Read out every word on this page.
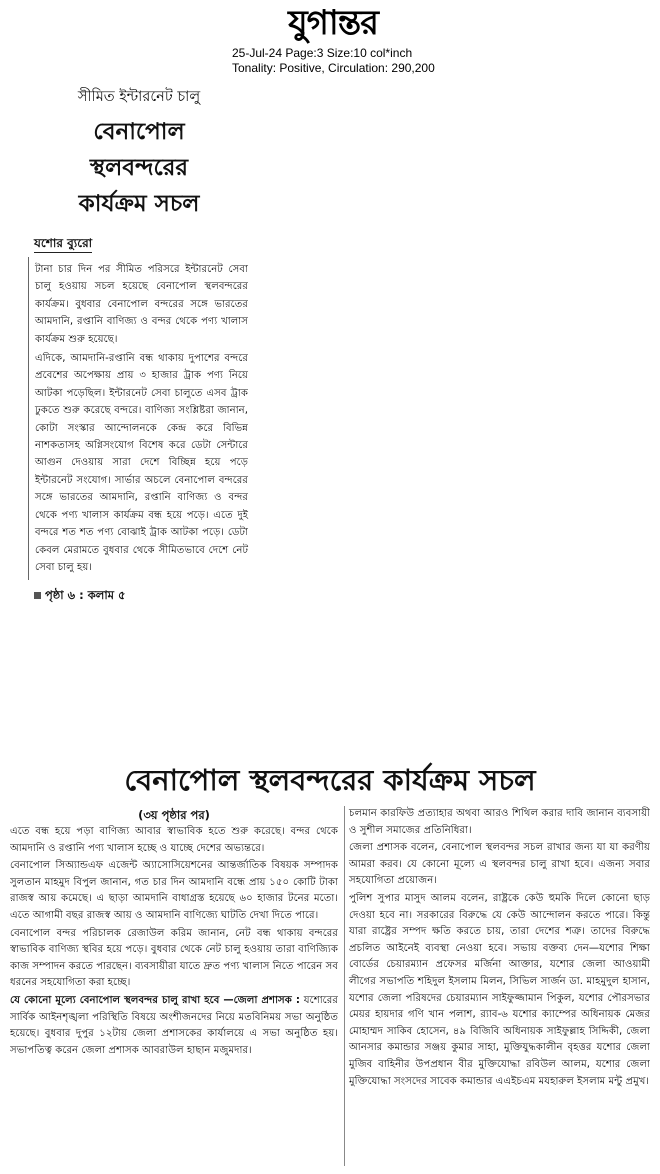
যুগান্তর
25-Jul-24 Page:3 Size:10 col*inch
Tonality: Positive, Circulation: 290,200
সীমিত ইন্টারনেট চালু
বেনাপোল
স্থলবন্দরের
কার্যক্রম সচল
যশোর ব্যুরো

টানা চার দিন পর সীমিত পরিসরে ইন্টারনেট সেবা চালু হওয়ায় সচল হয়েছে বেনাপোল স্থলবন্দরের কার্যক্রম। বুধবার বেনাপোল বন্দরের সঙ্গে ভারতের আমদানি, রপ্তানি বাণিজ্য ও বন্দর থেকে পণ্য খালাস কার্যক্রম শুরু হয়েছে।

এদিকে, আমদানি-রপ্তানি বন্ধ থাকায় দুপাশের বন্দরে প্রবেশের অপেক্ষায় প্রায় ৩ হাজার ট্রাক পণ্য নিয়ে আটকা পড়েছিল। ইন্টারনেট সেবা চালুতে এসব ট্রাক ঢুকতে শুরু করেছে বন্দরে। বাণিজ্য সংশ্লিষ্টরা জানান, কোটা সংস্কার আন্দোলনকে কেন্দ্র করে বিভিন্ন নাশকতাসহ অগ্নিসংযোগ বিশেষ করে ডেটা সেন্টারে আগুন দেওয়ায় সারা দেশে বিচ্ছিন্ন হয়ে পড়ে ইন্টারনেট সংযোগ। সার্ভার অচলে বেনাপোল বন্দরের সঙ্গে ভারতের আমদানি, রপ্তানি বাণিজ্য ও বন্দর থেকে পণ্য খালাস কার্যক্রম বন্ধ হয়ে পড়ে। এতে দুই বন্দরে শত শত পণ্য বোঝাই ট্রাক আটকা পড়ে। ডেটা কেবল মেরামতে বুধবার থেকে সীমিতভাবে দেশে নেট সেবা চালু হয়।

পৃষ্ঠা ৬ : কলাম ৫
বেনাপোল স্থলবন্দরের কার্যক্রম সচল
(৩য় পৃষ্ঠার পর)

এতে বন্ধ হয়ে পড়া বাণিজ্য আবার স্বাভাবিক হতে শুরু করেছে। বন্দর থেকে আমদানি ও রপ্তানি পণ্য খালাস হচ্ছে ও যাচ্ছে দেশের অভ্যন্তরে।

বেনাপোল সিঅ্যান্ডএফ এজেন্ট অ্যাসোসিয়েশনের আন্তর্জাতিক বিষয়ক সম্পাদক সুলতান মাহমুদ বিপুল জানান, গত চার দিন আমদানি বন্ধে প্রায় ১৫০ কোটি টাকা রাজস্ব আয় কমেছে। এ ছাড়া আমদানি বাধাগ্রস্ত হয়েছে ৬০ হাজার টনের মতো। এতে আগামী বছর রাজস্ব আয় ও আমদানি বাণিজ্যে ঘাটতি দেখা দিতে পারে।

বেনাপোল বন্দর পরিচালক রেজাউল করিম জানান, নেট বন্ধ থাকায় বন্দরের স্বাভাবিক বাণিজ্য স্থবির হয়ে পড়ে। বুধবার থেকে নেট চালু হওয়ায় তারা বাণিজ্যিক কাজ সম্পাদন করতে পারছেন। ব্যবসায়ীরা যাতে দ্রুত পণ্য খালাস নিতে পারেন সব ধরনের সহযোগিতা করা হচ্ছে।

যে কোনো মূল্যে বেনাপোল স্থলবন্দর চালু রাখা হবে —জেলা প্রশাসক : যশোরের সার্বিক আইনশৃঙ্খলা পরিস্থিতি বিষয়ে অংশীজনদের নিয়ে মতবিনিময় সভা অনুষ্ঠিত হয়েছে। বুধবার দুপুর ১২টায় জেলা প্রশাসকের কার্যালয়ে এ সভা অনুষ্ঠিত হয়। সভাপতিত্ব করেন জেলা প্রশাসক আবরাউল হাছান মজুমদার।

চলমান কারফিউ প্রত্যাহার অথবা আরও শিথিল করার দাবি জানান ব্যবসায়ী ও সুশীল সমাজের প্রতিনিধিরা।

জেলা প্রশাসক বলেন, বেনাপোল স্থলবন্দর সচল রাখার জন্য যা যা করণীয় আমরা করব। যে কোনো মূল্যে এ স্থলবন্দর চালু রাখা হবে। এজন্য সবার সহযোগিতা প্রয়োজন।

পুলিশ সুপার মাসুদ আলম বলেন, রাষ্ট্রকে কেউ হুমকি দিলে কোনো ছাড় দেওয়া হবে না। সরকারের বিরুদ্ধে যে কেউ আন্দোলন করতে পারে। কিন্তু যারা রাষ্ট্রের সম্পদ ক্ষতি করতে চায়, তারা দেশের শত্রু। তাদের বিরুদ্ধে প্রচলিত আইনেই ব্যবস্থা নেওয়া হবে। সভায় বক্তব্য দেন—যশোর শিক্ষা বোর্ডের চেয়ারম্যান প্রফেসর মর্জিনা আক্তার, যশোর জেলা আওয়ামী লীগের সভাপতি শহিদুল ইসলাম মিলন, সিভিল সার্জন ডা. মাহমুদুল হাসান, যশোর জেলা পরিষদের চেয়ারম্যান সাইফুজ্জামান পিকুল, যশোর পৌরসভার মেয়র হায়দার গণি খান পলাশ, র‌্যাব-৬ যশোর ক্যাম্পের অধিনায়ক মেজর মোহাম্মদ সাকিব হোসেন, ৪৯ বিজিবি অধিনায়ক সাইফুল্লাহ সিদ্দিকী, জেলা আনসার কমান্ডার সঞ্জয় কুমার সাহা, মুক্তিযুদ্ধকালীন বৃহত্তর যশোর জেলা মুজিব বাহিনীর উপপ্রধান বীর মুক্তিযোদ্ধা রবিউল আলম, যশোর জেলা মুক্তিযোদ্ধা সংসদের সাবেক কমান্ডার এএইচএম মযহারুল ইসলাম মন্টু প্রমুখ।
